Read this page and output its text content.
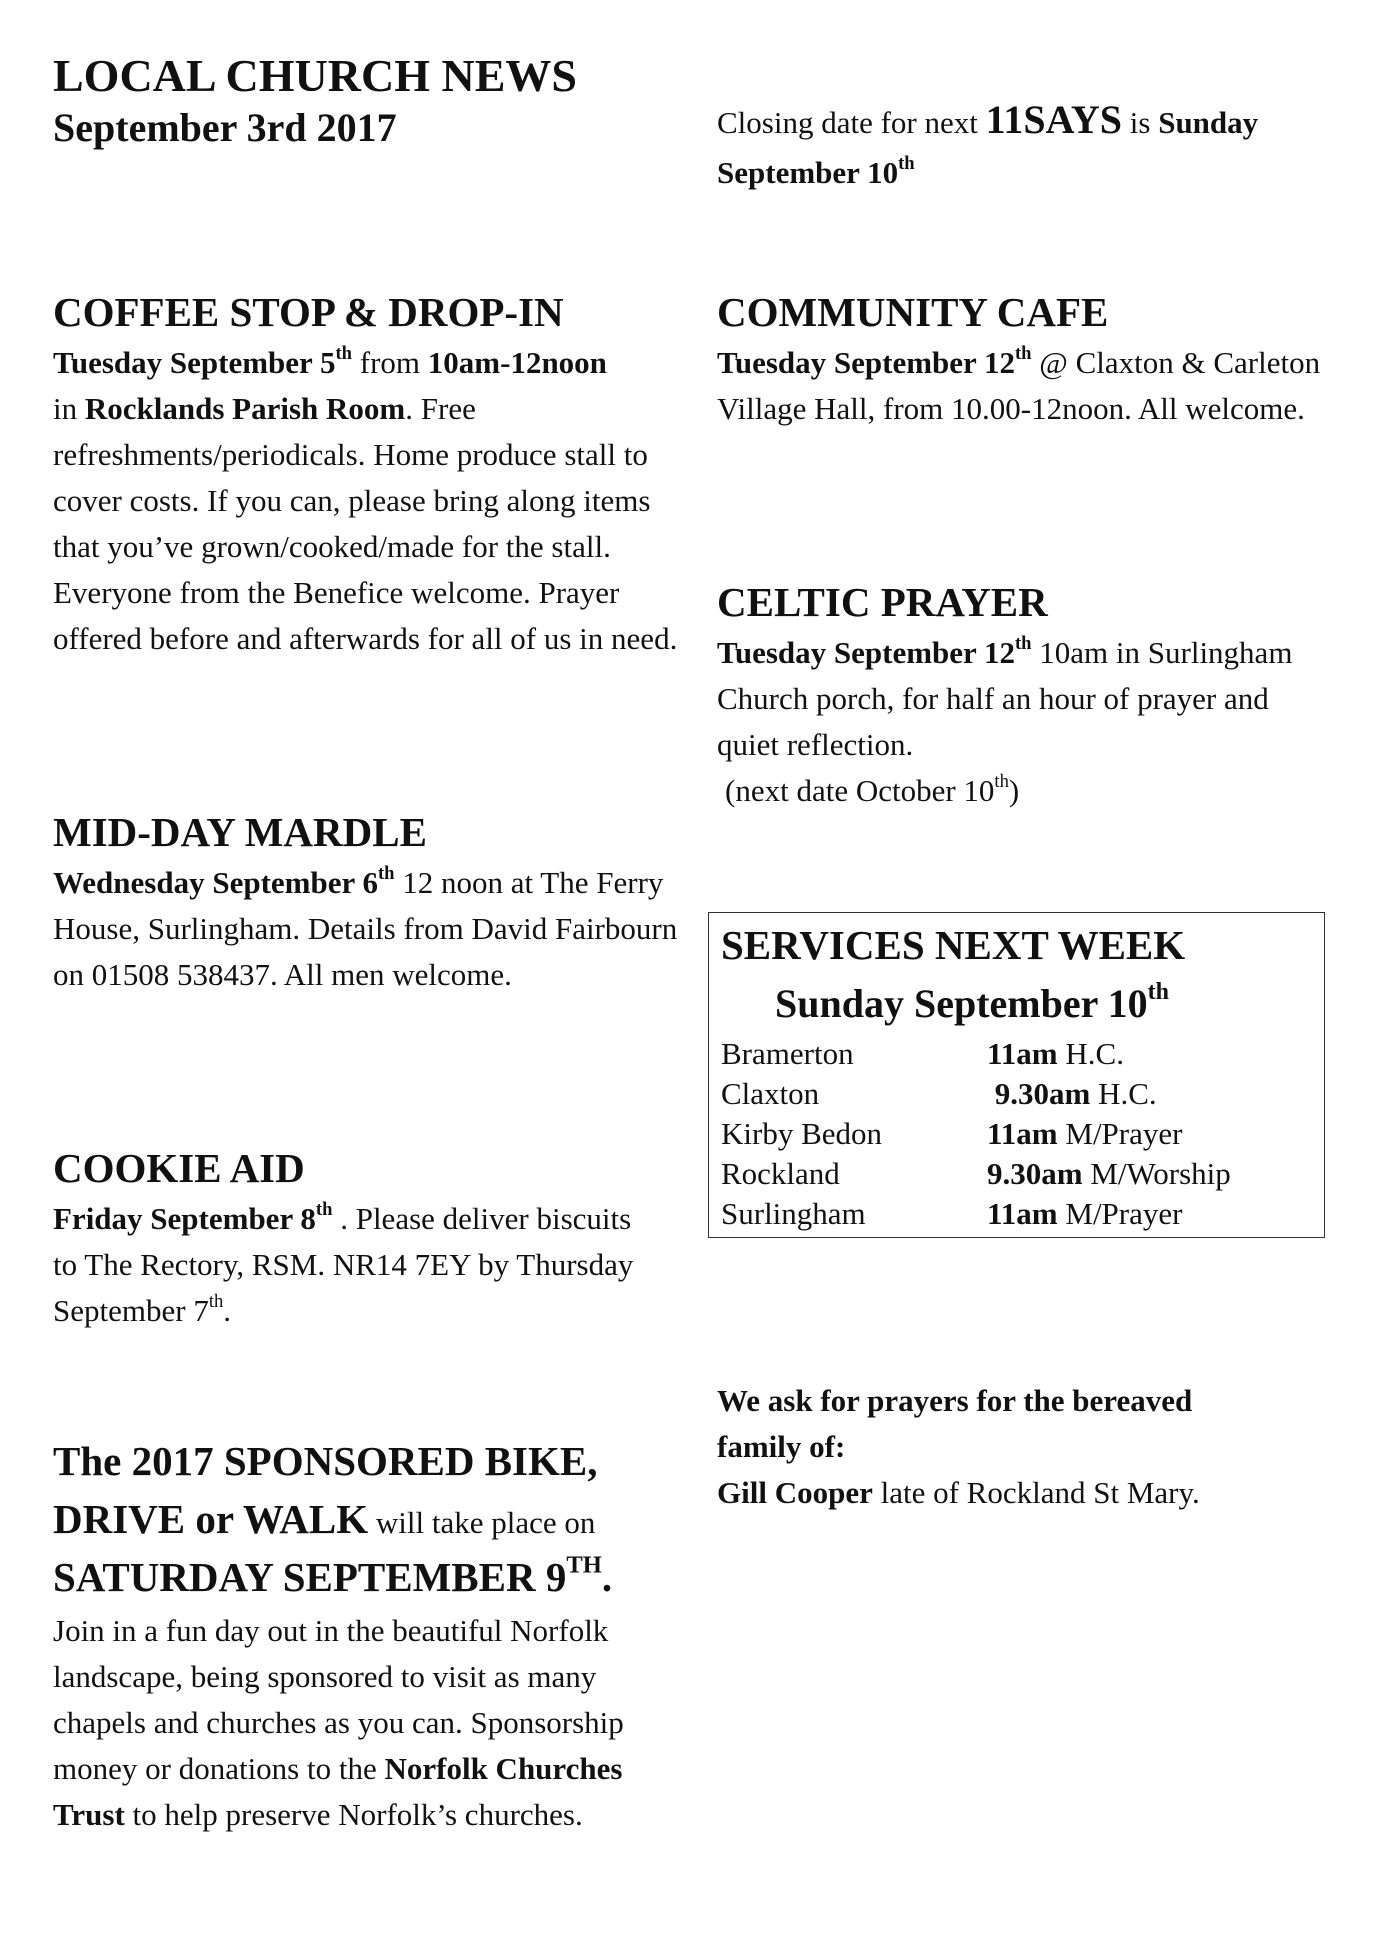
LOCAL CHURCH NEWS
September 3rd 2017	Closing date for next 11SAYS is Sunday
September 10th
COFFEE STOP & DROP-IN
Tuesday September 5th from 10am-12noon
in Rocklands Parish Room. Free refreshments/periodicals. Home produce stall to cover costs. If you can, please bring along items that you’ve grown/cooked/made for the stall. Everyone from the Benefice welcome. Prayer offered before and afterwards for all of us in need.
MID-DAY MARDLE
Wednesday September 6th 12 noon at The Ferry House, Surlingham. Details from David Fairbourn on 01508 538437. All men welcome.
COOKIE AID
Friday September 8th . Please deliver biscuits to The Rectory, RSM. NR14 7EY by Thursday September 7th.
The 2017 SPONSORED BIKE, DRIVE or WALK will take place on SATURDAY SEPTEMBER 9TH.
Join in a fun day out in the beautiful Norfolk landscape, being sponsored to visit as many chapels and churches as you can. Sponsorship money or donations to the Norfolk Churches Trust to help preserve Norfolk’s churches.
COMMUNITY CAFE
Tuesday September 12th @ Claxton & Carleton Village Hall, from 10.00-12noon. All welcome.
CELTIC PRAYER
Tuesday September 12th 10am in Surlingham Church porch, for half an hour of prayer and quiet reflection.
(next date October 10th)
SERVICES NEXT WEEK
Sunday September 10th
Bramerton	11am H.C.
Claxton	9.30am H.C.
Kirby Bedon	11am M/Prayer
Rockland	9.30am M/Worship
Surlingham	11am M/Prayer
We ask for prayers for the bereaved family of:
Gill Cooper late of Rockland St Mary.
